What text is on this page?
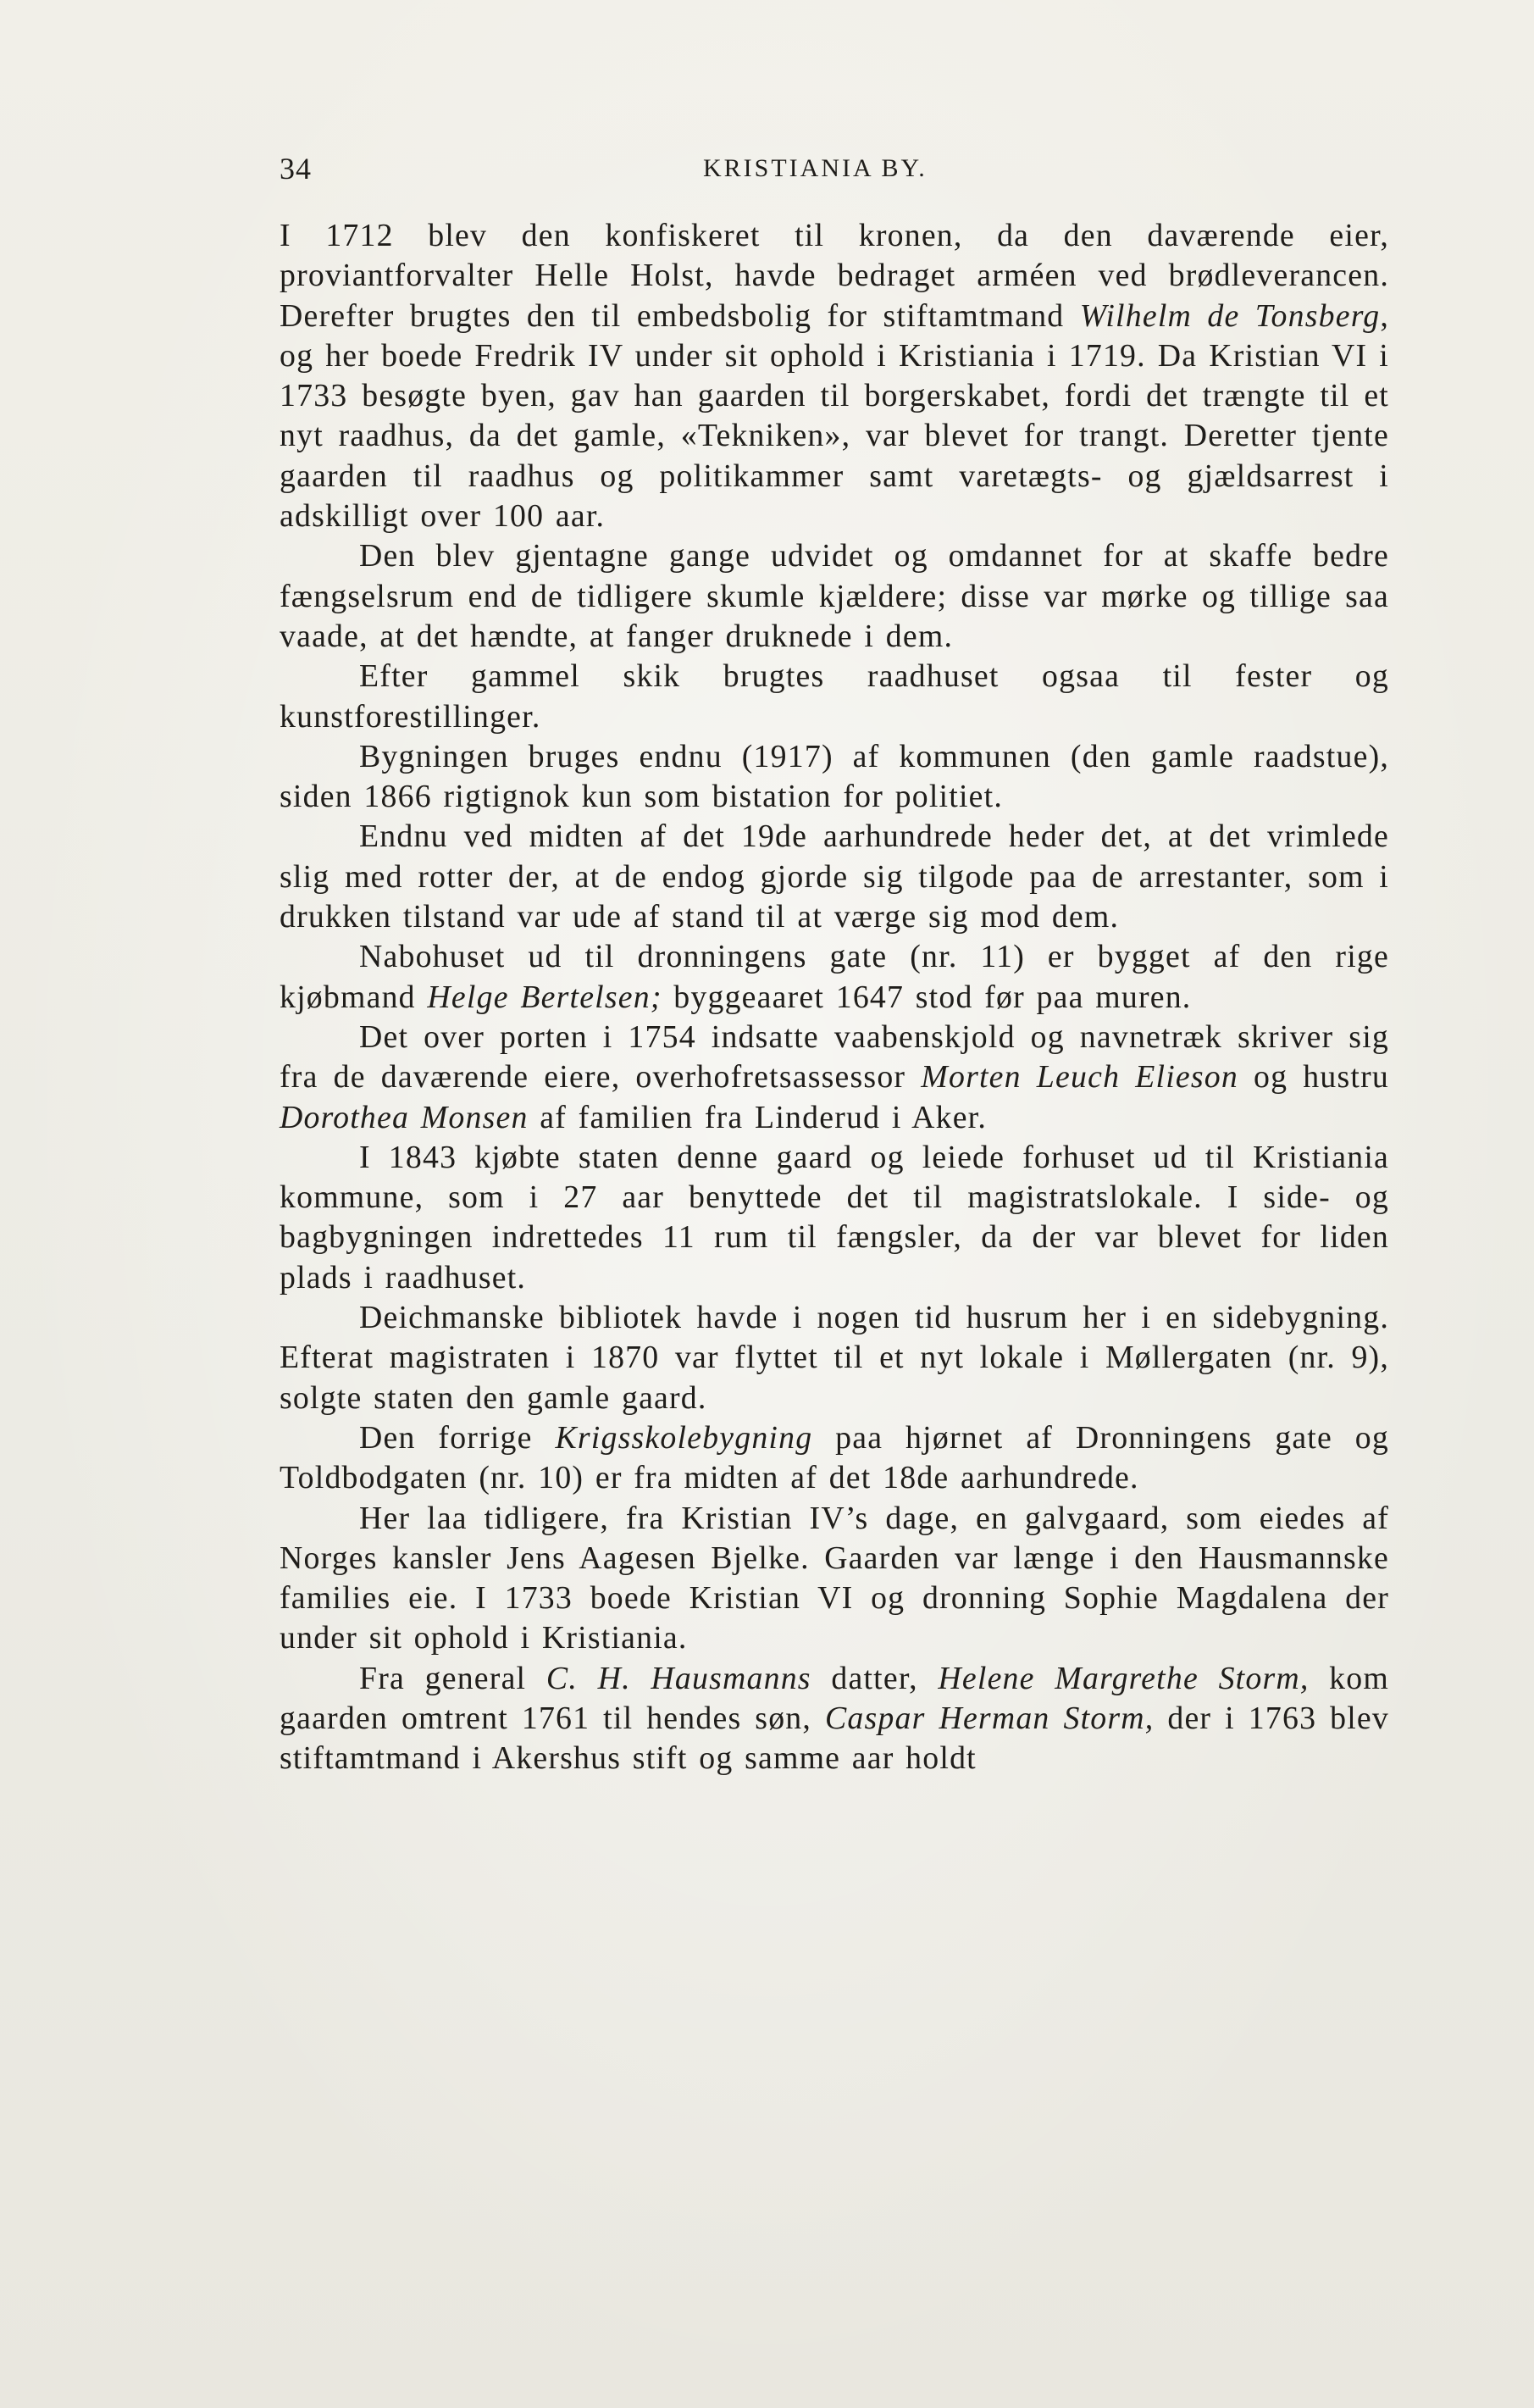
34	KRISTIANIA BY.

I 1712 blev den konfiskeret til kronen, da den daværende eier, proviantforvalter Helle Holst, havde bedraget arméen ved brødleverancen. Derefter brugtes den til embedsbolig for stiftamtmand Wilhelm de Tonsberg, og her boede Fredrik IV under sit ophold i Kristiania i 1719. Da Kristian VI i 1733 besøgte byen, gav han gaarden til borgerskabet, fordi det trængte til et nyt raadhus, da det gamle, «Tekniken», var blevet for trangt. Deretter tjente gaarden til raadhus og politikammer samt varetægts- og gjældsarrest i adskilligt over 100 aar.

Den blev gjentagne gange udvidet og omdannet for at skaffe bedre fængselsrum end de tidligere skumle kjældere; disse var mørke og tillige saa vaade, at det hændte, at fanger druknede i dem.

Efter gammel skik brugtes raadhuset ogsaa til fester og kunstforestillinger.

Bygningen bruges endnu (1917) af kommunen (den gamle raadstue), siden 1866 rigtignok kun som bistation for politiet.

Endnu ved midten af det 19de aarhundrede heder det, at det vrimlede slig med rotter der, at de endog gjorde sig tilgode paa de arrestanter, som i drukken tilstand var ude af stand til at værge sig mod dem.

Nabohuset ud til dronningens gate (nr. 11) er bygget af den rige kjøbmand Helge Bertelsen; byggeaaret 1647 stod før paa muren.

Det over porten i 1754 indsatte vaabenskjold og navnetræk skriver sig fra de daværende eiere, overhofretsassessor Morten Leuch Elieson og hustru Dorothea Monsen af familien fra Linderud i Aker.

I 1843 kjøbte staten denne gaard og leiede forhuset ud til Kristiania kommune, som i 27 aar benyttede det til magistratslokale. I side- og bagbygningen indrettedes 11 rum til fængsler, da der var blevet for liden plads i raadhuset.

Deichmanske bibliotek havde i nogen tid husrum her i en sidebygning. Efterat magistraten i 1870 var flyttet til et nyt lokale i Møllergaten (nr. 9), solgte staten den gamle gaard.

Den forrige Krigsskolebygning paa hjørnet af Dronningens gate og Toldbodgaten (nr. 10) er fra midten af det 18de aarhundrede.

Her laa tidligere, fra Kristian IV’s dage, en galvgaard, som eiedes af Norges kansler Jens Aagesen Bjelke. Gaarden var længe i den Hausmannske families eie. I 1733 boede Kristian VI og dronning Sophie Magdalena der under sit ophold i Kristiania.

Fra general C. H. Hausmanns datter, Helene Margrethe Storm, kom gaarden omtrent 1761 til hendes søn, Caspar Herman Storm, der i 1763 blev stiftamtmand i Akershus stift og samme aar holdt
